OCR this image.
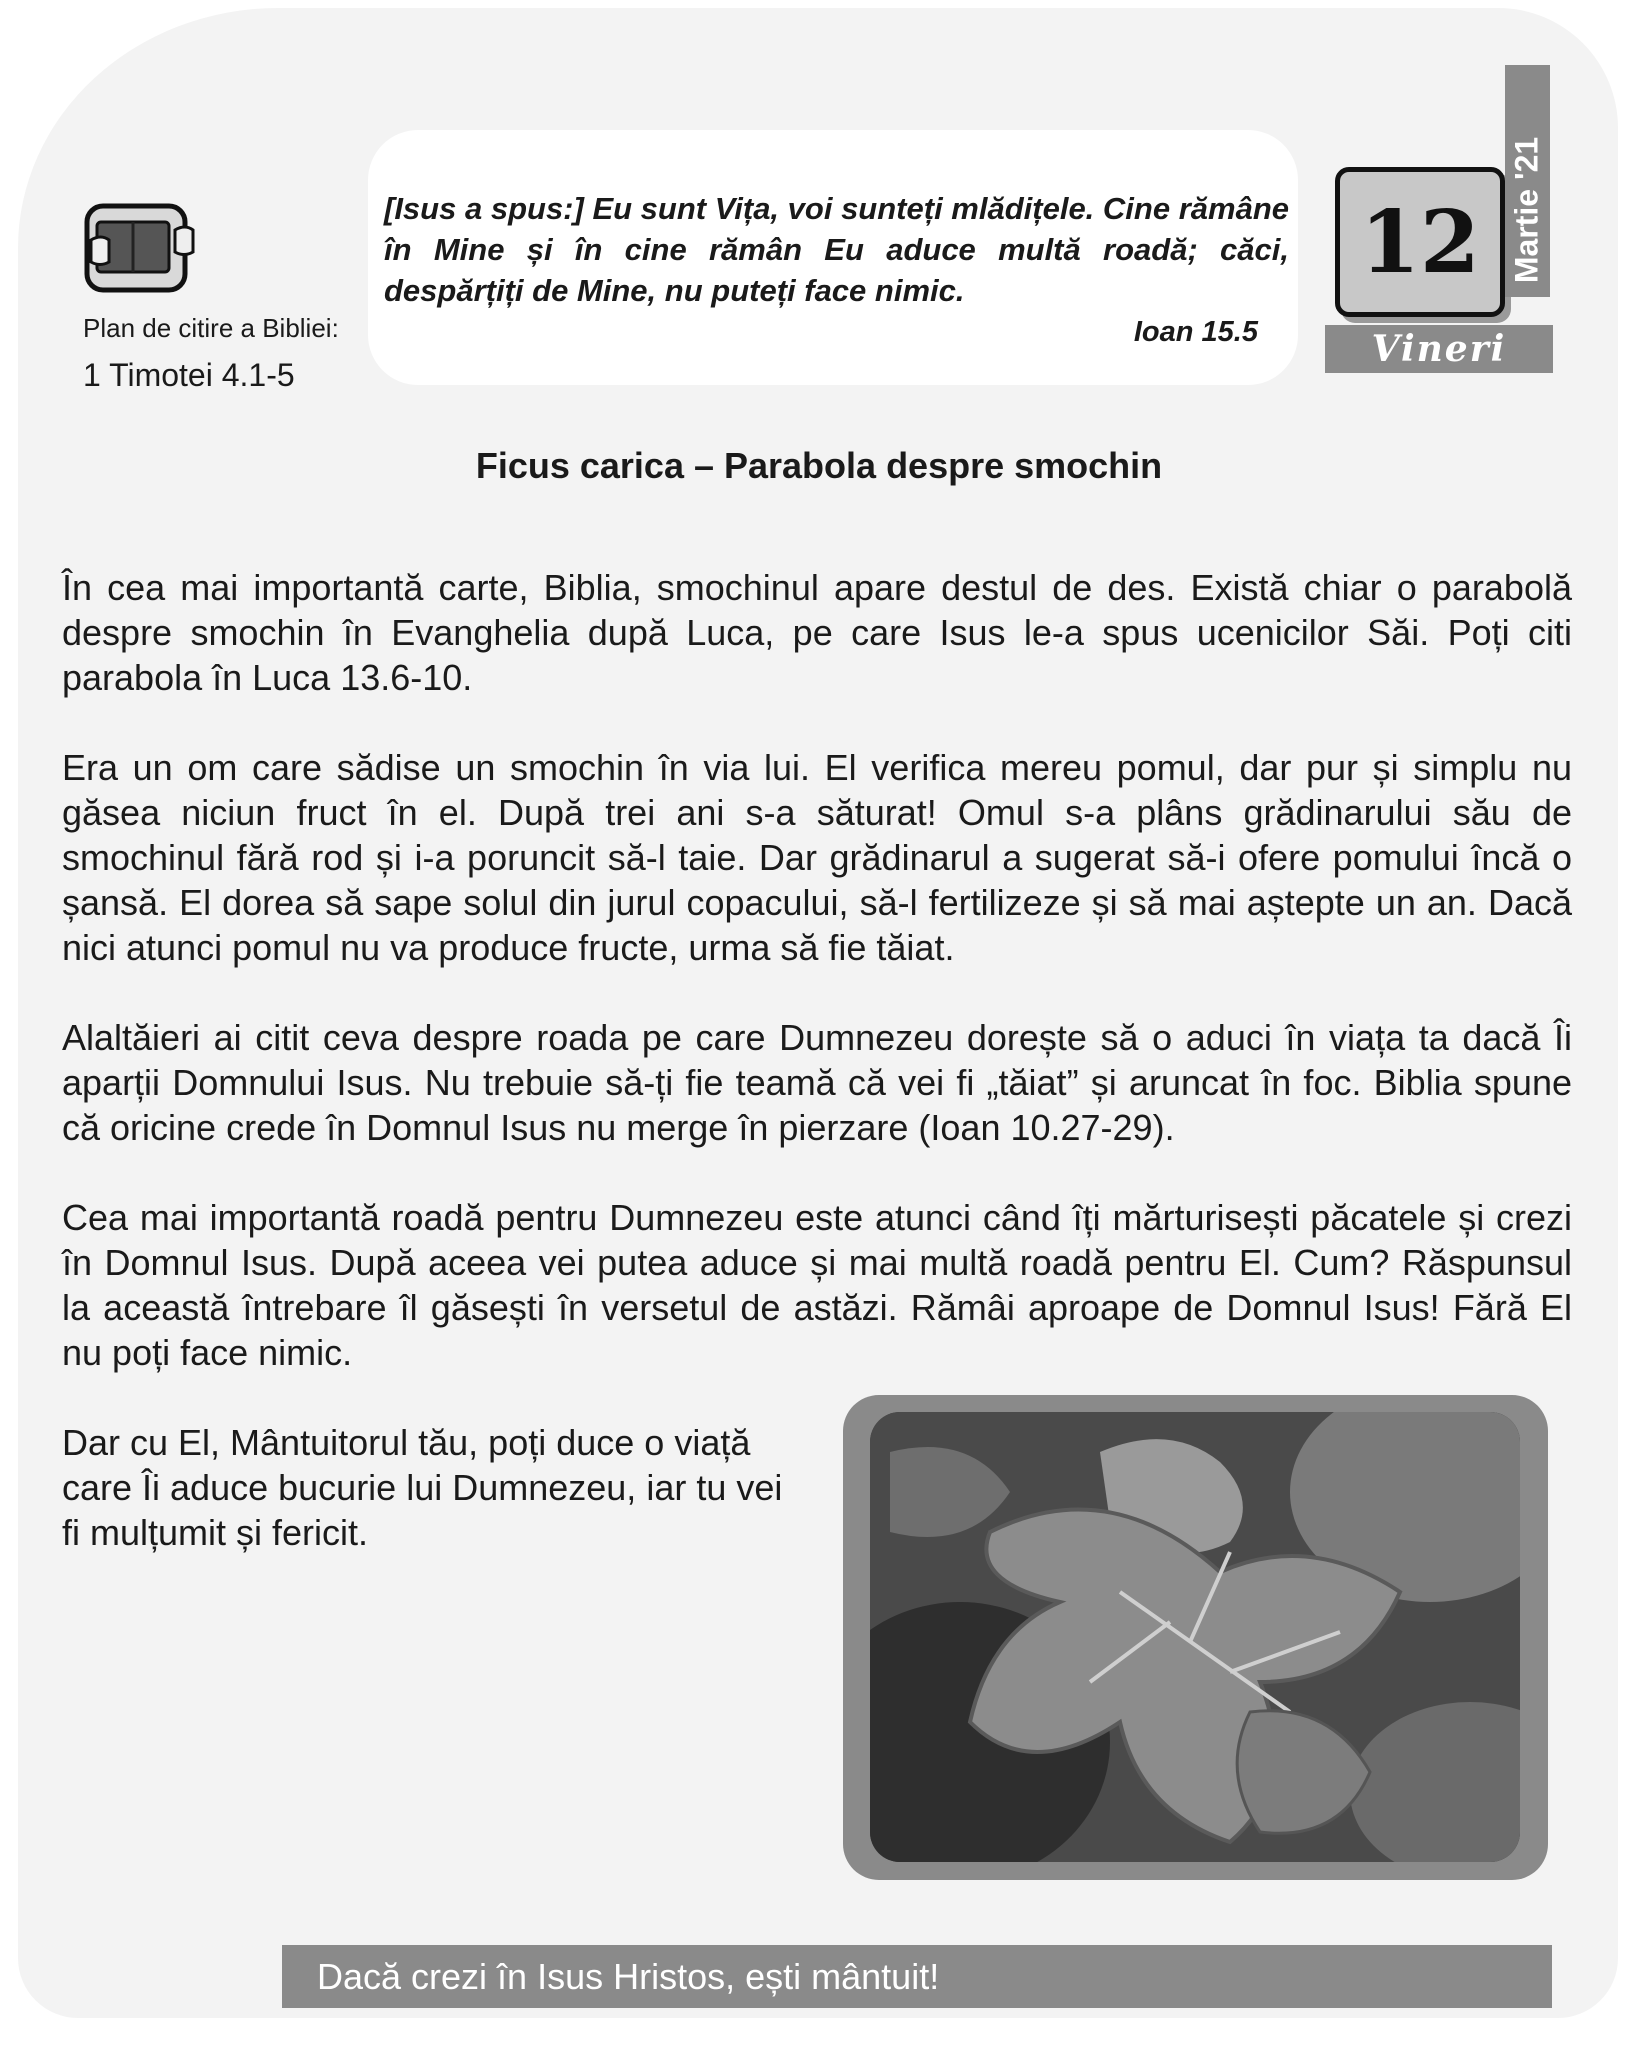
Plan de citire a Bibliei:
1 Timotei 4.1-5
[Isus a spus:] Eu sunt Vița, voi sunteți mlădițele. Cine rămâne în Mine și în cine rămân Eu aduce multă roadă; căci, despărțiți de Mine, nu puteți face nimic.
Ioan 15.5
12 Martie '21
Vineri
Ficus carica – Parabola despre smochin

În cea mai importantă carte, Biblia, smochinul apare destul de des. Există chiar o parabolă despre smochin în Evanghelia după Luca, pe care Isus le-a spus ucenicilor Săi. Poți citi parabola în Luca 13.6-10.

Era un om care sădise un smochin în via lui. El verifica mereu pomul, dar pur și simplu nu găsea niciun fruct în el. După trei ani s-a săturat! Omul s-a plâns grădinarului său de smochinul fără rod și i-a poruncit să-l taie. Dar grădinarul a sugerat să-i ofere pomului încă o șansă. El dorea să sape solul din jurul copacului, să-l fertilizeze și să mai aștepte un an. Dacă nici atunci pomul nu va produce fructe, urma să fie tăiat.

Alaltăieri ai citit ceva despre roada pe care Dumnezeu dorește să o aduci în viața ta dacă Îi aparții Domnului Isus. Nu trebuie să-ți fie teamă că vei fi „tăiat” și aruncat în foc. Biblia spune că oricine crede în Domnul Isus nu merge în pierzare (Ioan 10.27-29).

Cea mai importantă roadă pentru Dumnezeu este atunci când îți mărturisești păcatele și crezi în Domnul Isus. După aceea vei putea aduce și mai multă roadă pentru El. Cum? Răspunsul la această întrebare îl găsești în versetul de astăzi. Rămâi aproape de Domnul Isus! Fără El nu poți face nimic.

Dar cu El, Mântuitorul tău, poți duce o viață care Îi aduce bucurie lui Dumnezeu, iar tu vei fi mulțumit și fericit.

Dacă crezi în Isus Hristos, ești mântuit!
